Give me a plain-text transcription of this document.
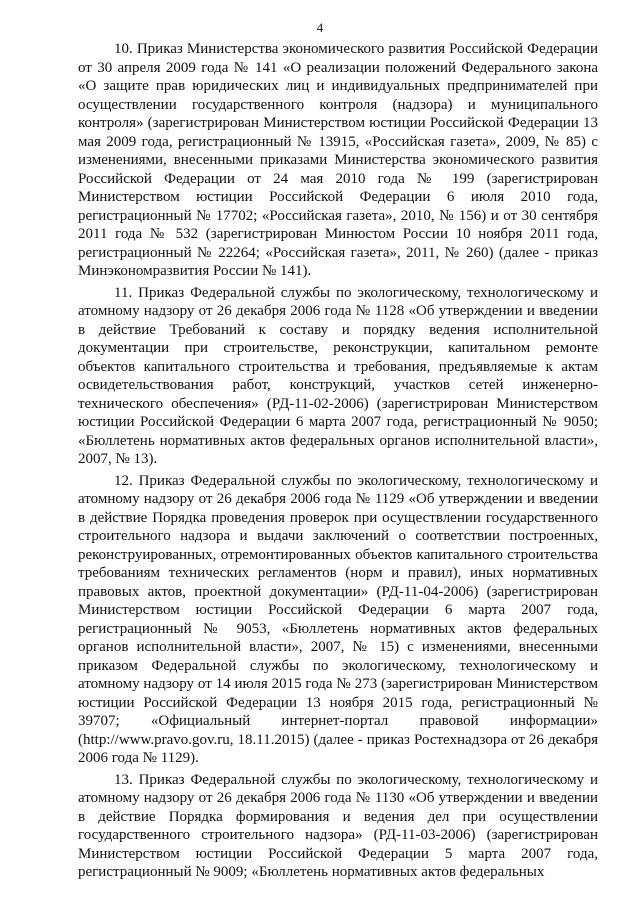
4

10. Приказ Министерства экономического развития Российской Федерации от 30 апреля 2009 года № 141 «О реализации положений Федерального закона «О защите прав юридических лиц и индивидуальных предпринимателей при осуществлении государственного контроля (надзора) и муниципального контроля» (зарегистрирован Министерством юстиции Российской Федерации 13 мая 2009 года, регистрационный № 13915, «Российская газета», 2009, № 85) с изменениями, внесенными приказами Министерства экономического развития Российской Федерации от 24 мая 2010 года № 199 (зарегистрирован Министерством юстиции Российской Федерации 6 июля 2010 года, регистрационный № 17702; «Российская газета», 2010, № 156) и от 30 сентября 2011 года № 532 (зарегистрирован Минюстом России 10 ноября 2011 года, регистрационный № 22264; «Российская газета», 2011, № 260) (далее - приказ Минэкономразвития России № 141).

11. Приказ Федеральной службы по экологическому, технологическому и атомному надзору от 26 декабря 2006 года № 1128 «Об утверждении и введении в действие Требований к составу и порядку ведения исполнительной документации при строительстве, реконструкции, капитальном ремонте объектов капитального строительства и требования, предъявляемые к актам освидетельствования работ, конструкций, участков сетей инженерно-технического обеспечения» (РД-11-02-2006) (зарегистрирован Министерством юстиции Российской Федерации 6 марта 2007 года, регистрационный № 9050; «Бюллетень нормативных актов федеральных органов исполнительной власти», 2007, № 13).

12. Приказ Федеральной службы по экологическому, технологическому и атомному надзору от 26 декабря 2006 года № 1129 «Об утверждении и введении в действие Порядка проведения проверок при осуществлении государственного строительного надзора и выдачи заключений о соответствии построенных, реконструированных, отремонтированных объектов капитального строительства требованиям технических регламентов (норм и правил), иных нормативных правовых актов, проектной документации» (РД-11-04-2006) (зарегистрирован Министерством юстиции Российской Федерации 6 марта 2007 года, регистрационный № 9053, «Бюллетень нормативных актов федеральных органов исполнительной власти», 2007, № 15) с изменениями, внесенными приказом Федеральной службы по экологическому, технологическому и атомному надзору от 14 июля 2015 года № 273 (зарегистрирован Министерством юстиции Российской Федерации 13 ноября 2015 года, регистрационный № 39707; «Официальный интернет-портал правовой информации» (http://www.pravo.gov.ru, 18.11.2015) (далее - приказ Ростехнадзора от 26 декабря 2006 года № 1129).

13. Приказ Федеральной службы по экологическому, технологическому и атомному надзору от 26 декабря 2006 года № 1130 «Об утверждении и введении в действие Порядка формирования и ведения дел при осуществлении государственного строительного надзора» (РД-11-03-2006) (зарегистрирован Министерством юстиции Российской Федерации 5 марта 2007 года, регистрационный № 9009; «Бюллетень нормативных актов федеральных
